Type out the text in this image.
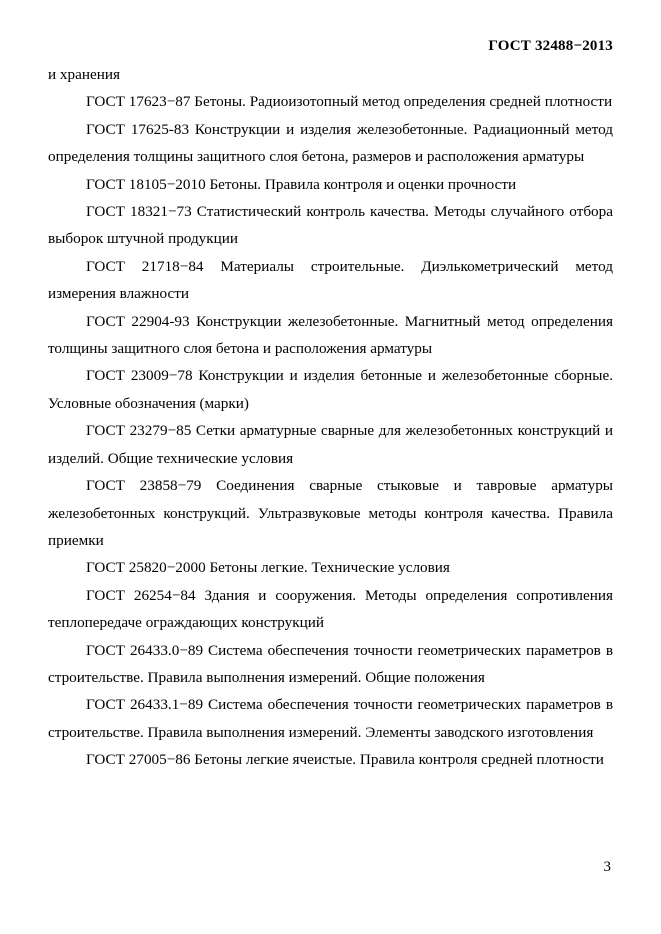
ГОСТ 32488−2013

и хранения

ГОСТ 17623−87 Бетоны. Радиоизотопный метод определения средней плотности

ГОСТ 17625‑83 Конструкции и изделия железобетонные. Радиационный метод определения толщины защитного слоя бетона, размеров и расположения арматуры

ГОСТ 18105−2010 Бетоны. Правила контроля и оценки прочности

ГОСТ 18321−73 Статистический контроль качества. Методы случайного отбора выборок штучной продукции

ГОСТ 21718−84 Материалы строительные. Диэлькометрический метод измерения влажности

ГОСТ 22904-93 Конструкции железобетонные. Магнитный метод определения толщины защитного слоя бетона и расположения арматуры

ГОСТ 23009−78 Конструкции и изделия бетонные и железобетонные сборные. Условные обозначения (марки)

ГОСТ 23279−85 Сетки арматурные сварные для железобетонных конструкций и изделий. Общие технические условия

ГОСТ 23858−79 Соединения сварные стыковые и тавровые арматуры железобетонных конструкций. Ультразвуковые методы контроля качества. Правила приемки

ГОСТ 25820−2000 Бетоны легкие. Технические условия

ГОСТ 26254−84 Здания и сооружения. Методы определения сопротивления теплопередаче ограждающих конструкций

ГОСТ 26433.0−89 Система обеспечения точности геометрических параметров в строительстве. Правила выполнения измерений. Общие положения

ГОСТ 26433.1−89 Система обеспечения точности геометрических параметров в строительстве. Правила выполнения измерений. Элементы заводского изготовления

ГОСТ 27005−86 Бетоны легкие ячеистые. Правила контроля средней плотности

3
